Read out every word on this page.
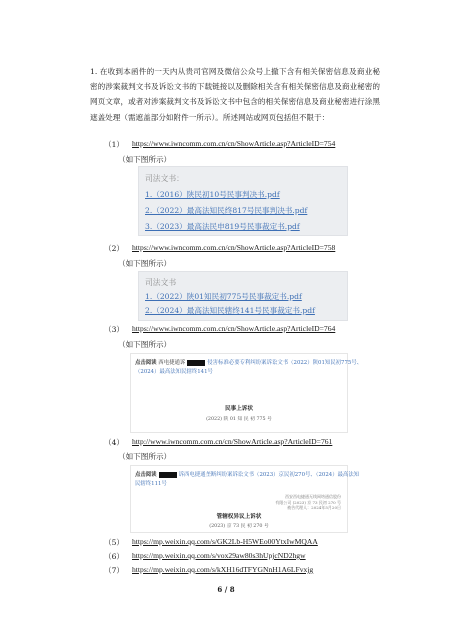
1. 在收到本函件的一天内从贵司官网及微信公众号上撤下含有相关保密信息及商业秘密的涉案裁判文书及诉讼文书的下载链接以及删除相关含有相关保密信息及商业秘密的网页文章，或者对涉案裁判文书及诉讼文书中包含的相关保密信息及商业秘密进行涂黑遮盖处理（需遮盖部分如附件一所示）。所述网站或网页包括但不限于：

（1） https://www.iwncomm.com.cn/cn/ShowArticle.asp?ArticleID=754
（如下图所示）
司法文书：
1.（2016）陕民初10号民事判决书.pdf
2.（2022）最高法知民终817号民事判决书.pdf
3.（2023）最高法民申819号民事裁定书.pdf
（2） https://www.iwncomm.com.cn/cn/ShowArticle.asp?ArticleID=758
（如下图所示）
司法文书
1.（2022）陕01知民初775号民事裁定书.pdf
2.（2024）最高法知民辖终141号民事裁定书.pdf
（3） https://www.iwncomm.com.cn/cn/ShowArticle.asp?ArticleID=764
（如下图所示）
点击阅读 西电捷通诉	侵害标准必要专利纠纷案诉讼文书（2022）陕01知民初775号、
（2024）最高法知民辖终141号
民事上诉状
(2022) 陕 01 知 民 初 775 号
（4） http://www.iwncomm.com.cn/cn/ShowArticle.asp?ArticleID=761
（如下图所示）
点击阅读	诉西电捷通垄断纠纷案诉讼文书（2023）京民初270号、（2024）最高法知
民辖终111号
西安西电捷通无线网络通信股份
有限公司 (2023) 京 73 民初 270 号
被告代理人：2024年5月20日
管辖权异议上诉状
(2023) 京 73 民 初 270 号
（5） https://mp.weixin.qq.com/s/GK2Lb-H5WEo00YtxIwMQAA
（6） https://mp.weixin.qq.com/s/vox29aw80s3hUpjcND2hgw
（7） https://mp.weixin.qq.com/s/kXH16dTFYGNnH1A6LFvxjg
6 / 8
